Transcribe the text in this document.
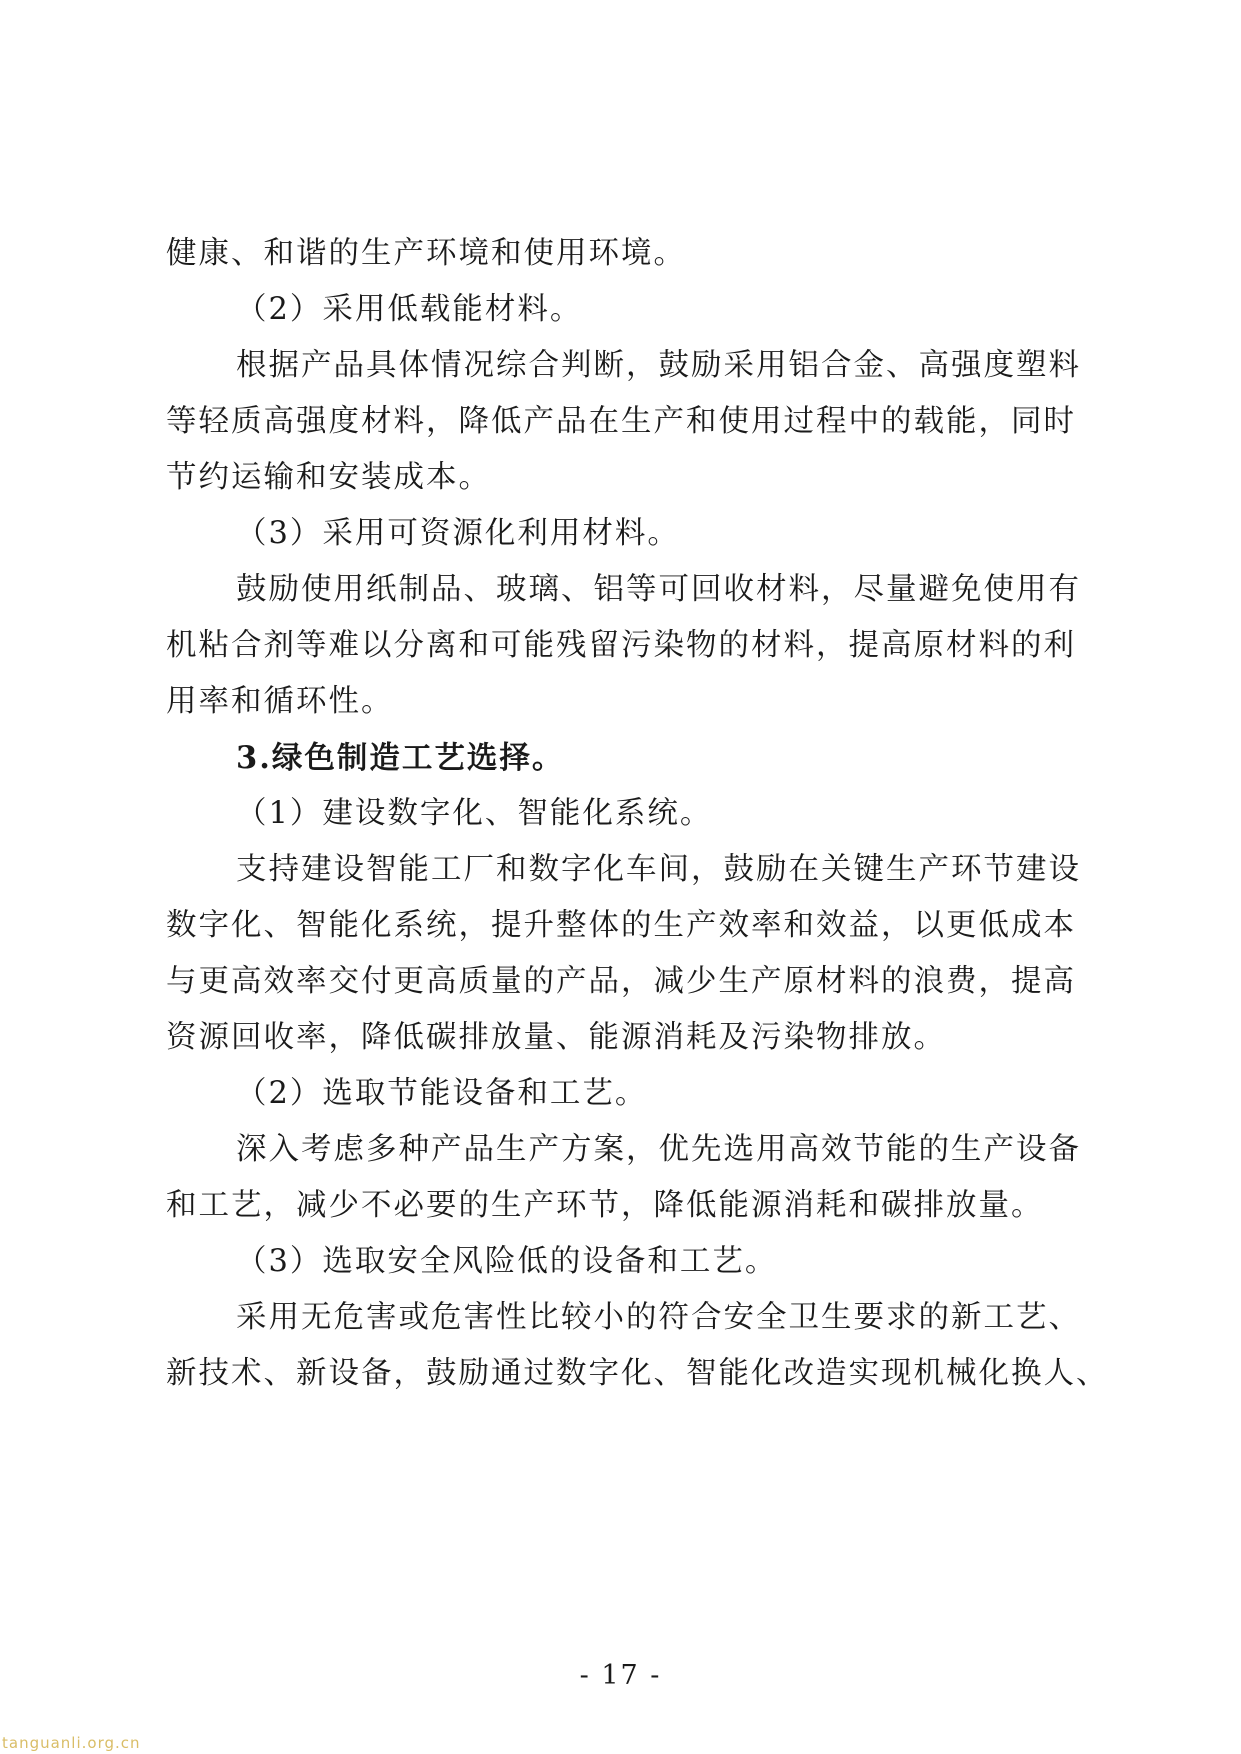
健康、和谐的生产环境和使用环境。
（2）采用低载能材料。
根据产品具体情况综合判断，鼓励采用铝合金、高强度塑料
等轻质高强度材料，降低产品在生产和使用过程中的载能，同时
节约运输和安装成本。
（3）采用可资源化利用材料。
鼓励使用纸制品、玻璃、铝等可回收材料，尽量避免使用有
机粘合剂等难以分离和可能残留污染物的材料，提高原材料的利
用率和循环性。
3.绿色制造工艺选择。
（1）建设数字化、智能化系统。
支持建设智能工厂和数字化车间，鼓励在关键生产环节建设
数字化、智能化系统，提升整体的生产效率和效益，以更低成本
与更高效率交付更高质量的产品，减少生产原材料的浪费，提高
资源回收率，降低碳排放量、能源消耗及污染物排放。
（2）选取节能设备和工艺。
深入考虑多种产品生产方案，优先选用高效节能的生产设备
和工艺，减少不必要的生产环节，降低能源消耗和碳排放量。
（3）选取安全风险低的设备和工艺。
采用无危害或危害性比较小的符合安全卫生要求的新工艺、
新技术、新设备，鼓励通过数字化、智能化改造实现机械化换人、
- 17 -
tanguanli.org.cn
